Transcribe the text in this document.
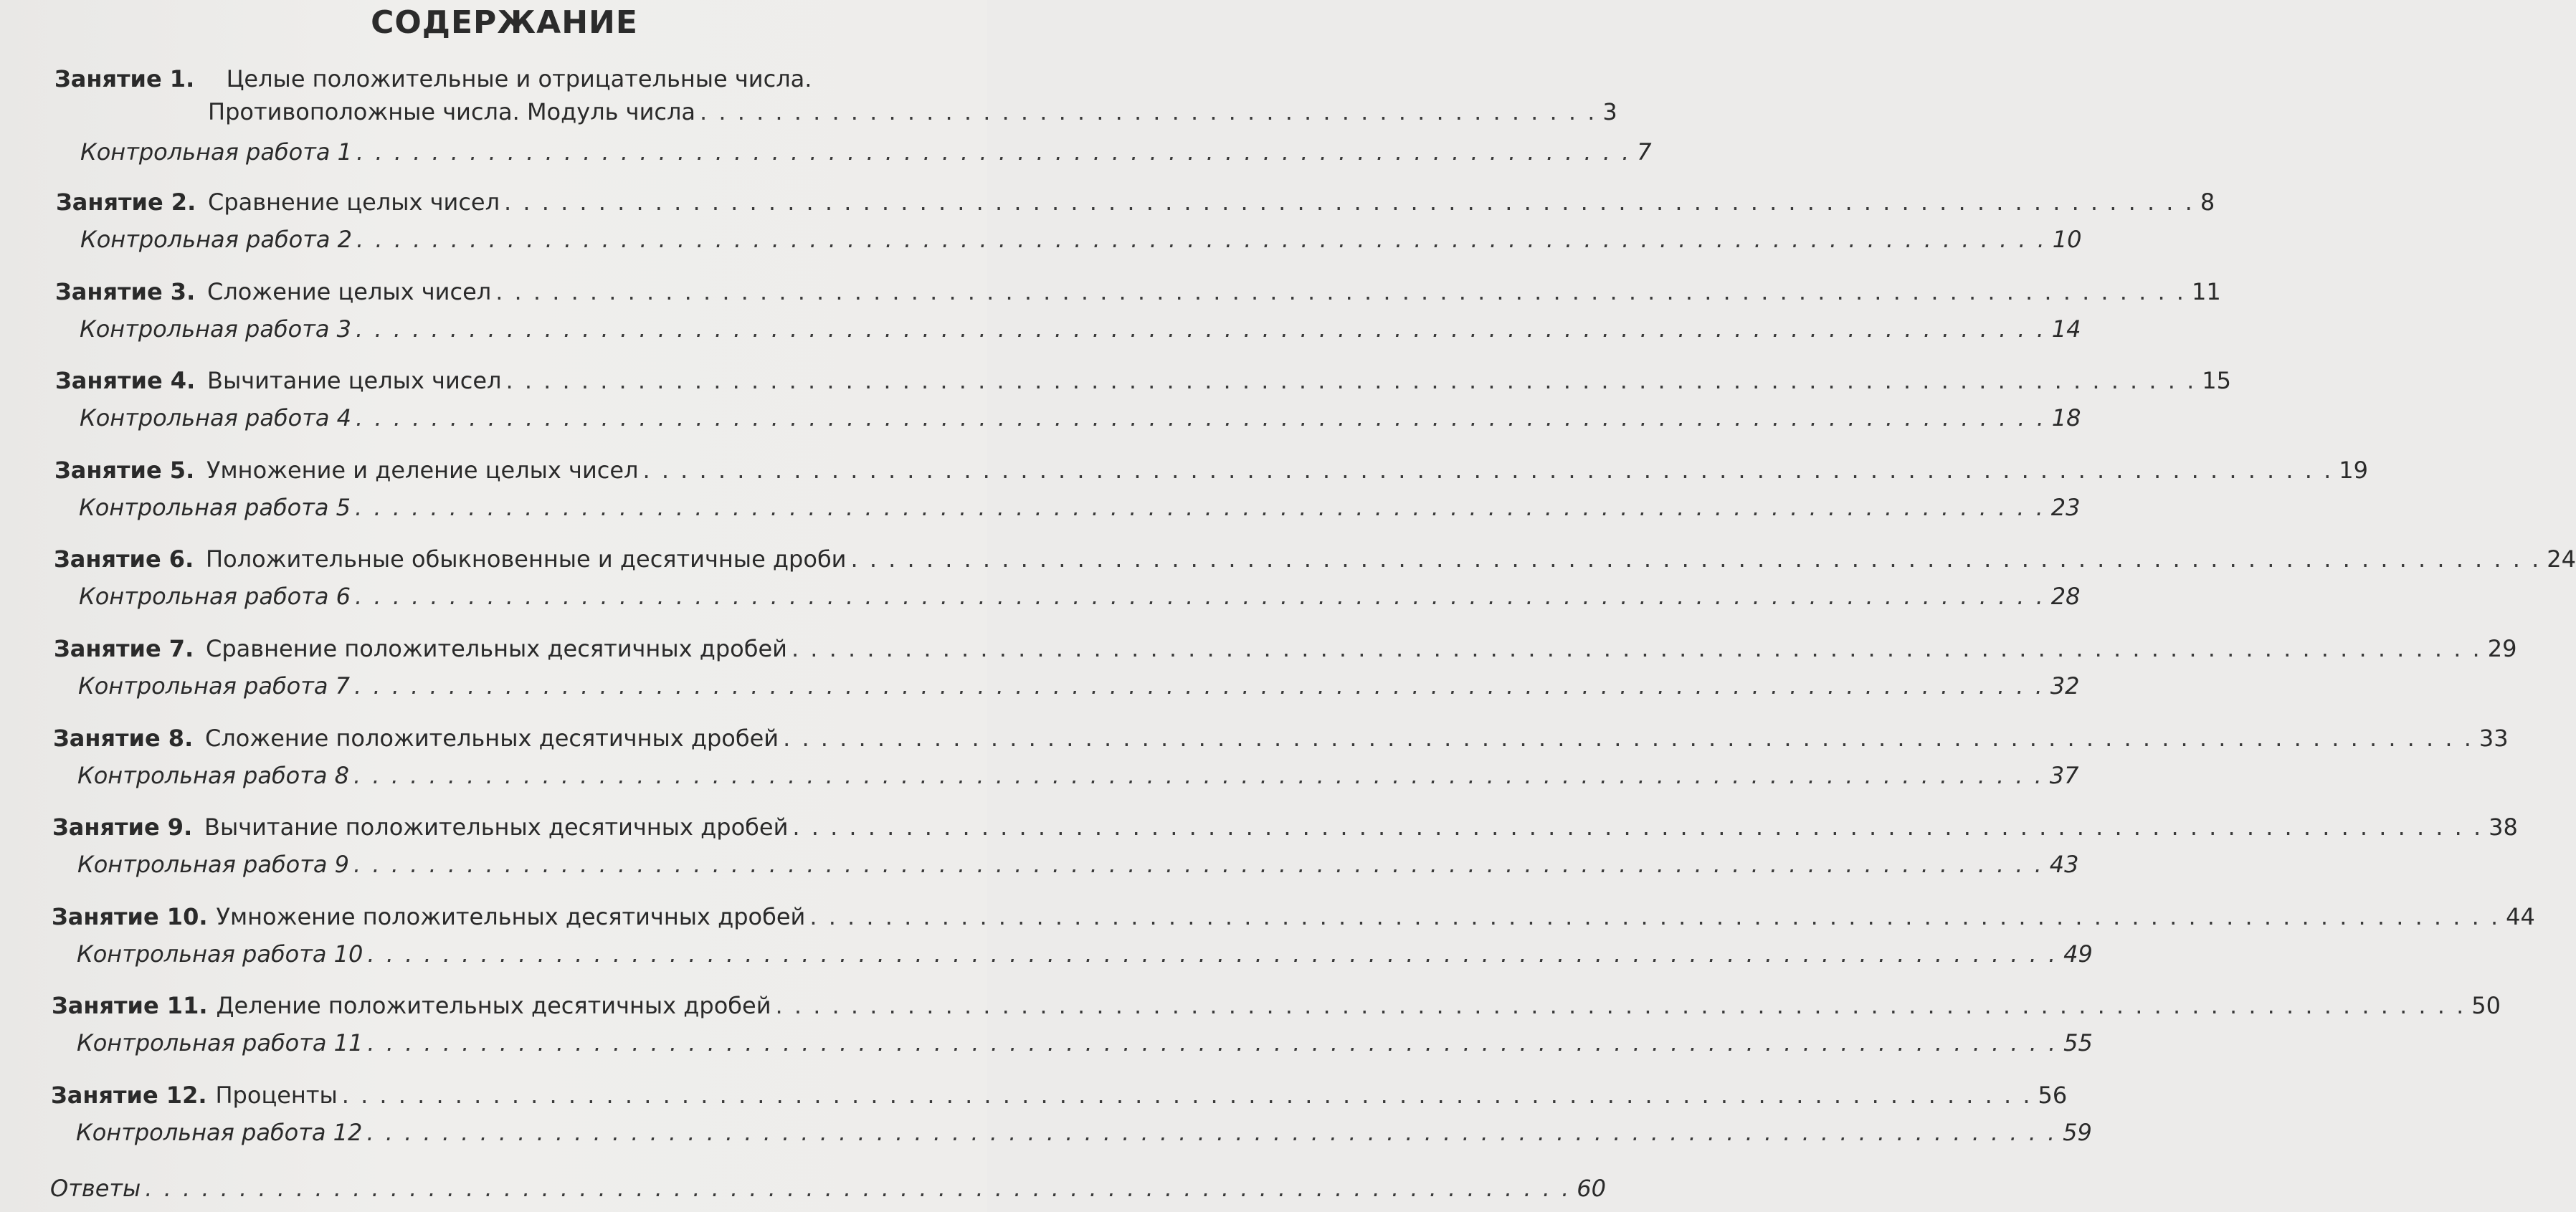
СОДЕРЖАНИЕ
Занятие 1. Целые положительные и отрицательные числа.
Противоположные числа. Модуль числа . . . . . . . . . . . . . . . . . . . . . . . . . . . . . . . . . . . . . . . . . . . . . . . . 3
Контрольная работа 1 . . . . . . . . . . . . . . . . . . . . . . . . . . . . . . . . . . . . . . . . . . . . . . . . . . . . . . . . . . . . . . . . . . . . 7
Занятие 2. Сравнение целых чисел . . . . . . . . . . . . . . . . . . . . . . . . . . . . . . . . . . . . . . . . . . . . . . . . . . . . . . . . . . . . . . . . . . . . . . . . . . . . . . . . . . . . . . . . . . 8
Контрольная работа 2 . . . . . . . . . . . . . . . . . . . . . . . . . . . . . . . . . . . . . . . . . . . . . . . . . . . . . . . . . . . . . . . . . . . . . . . . . . . . . . . . . . . . . . . . . . 10
Занятие 3. Сложение целых чисел . . . . . . . . . . . . . . . . . . . . . . . . . . . . . . . . . . . . . . . . . . . . . . . . . . . . . . . . . . . . . . . . . . . . . . . . . . . . . . . . . . . . . . . . . . 11
Контрольная работа 3 . . . . . . . . . . . . . . . . . . . . . . . . . . . . . . . . . . . . . . . . . . . . . . . . . . . . . . . . . . . . . . . . . . . . . . . . . . . . . . . . . . . . . . . . . . 14
Занятие 4. Вычитание целых чисел . . . . . . . . . . . . . . . . . . . . . . . . . . . . . . . . . . . . . . . . . . . . . . . . . . . . . . . . . . . . . . . . . . . . . . . . . . . . . . . . . . . . . . . . . . 15
Контрольная работа 4 . . . . . . . . . . . . . . . . . . . . . . . . . . . . . . . . . . . . . . . . . . . . . . . . . . . . . . . . . . . . . . . . . . . . . . . . . . . . . . . . . . . . . . . . . . 18
Занятие 5. Умножение и деление целых чисел . . . . . . . . . . . . . . . . . . . . . . . . . . . . . . . . . . . . . . . . . . . . . . . . . . . . . . . . . . . . . . . . . . . . . . . . . . . . . . . . . . . . . . . . . . 19
Контрольная работа 5 . . . . . . . . . . . . . . . . . . . . . . . . . . . . . . . . . . . . . . . . . . . . . . . . . . . . . . . . . . . . . . . . . . . . . . . . . . . . . . . . . . . . . . . . . . 23
Занятие 6. Положительные обыкновенные и десятичные дроби . . . . . . . . . . . . . . . . . . . . . . . . . . . . . . . . . . . . . . . . . . . . . . . . . . . . . . . . . . . . . . . . . . . . . . . . . . . . . . . . . . . . . . . . . . 24
Контрольная работа 6 . . . . . . . . . . . . . . . . . . . . . . . . . . . . . . . . . . . . . . . . . . . . . . . . . . . . . . . . . . . . . . . . . . . . . . . . . . . . . . . . . . . . . . . . . . 28
Занятие 7. Сравнение положительных десятичных дробей . . . . . . . . . . . . . . . . . . . . . . . . . . . . . . . . . . . . . . . . . . . . . . . . . . . . . . . . . . . . . . . . . . . . . . . . . . . . . . . . . . . . . . . . . . 29
Контрольная работа 7 . . . . . . . . . . . . . . . . . . . . . . . . . . . . . . . . . . . . . . . . . . . . . . . . . . . . . . . . . . . . . . . . . . . . . . . . . . . . . . . . . . . . . . . . . . 32
Занятие 8. Сложение положительных десятичных дробей . . . . . . . . . . . . . . . . . . . . . . . . . . . . . . . . . . . . . . . . . . . . . . . . . . . . . . . . . . . . . . . . . . . . . . . . . . . . . . . . . . . . . . . . . . 33
Контрольная работа 8 . . . . . . . . . . . . . . . . . . . . . . . . . . . . . . . . . . . . . . . . . . . . . . . . . . . . . . . . . . . . . . . . . . . . . . . . . . . . . . . . . . . . . . . . . . 37
Занятие 9. Вычитание положительных десятичных дробей . . . . . . . . . . . . . . . . . . . . . . . . . . . . . . . . . . . . . . . . . . . . . . . . . . . . . . . . . . . . . . . . . . . . . . . . . . . . . . . . . . . . . . . . . . 38
Контрольная работа 9 . . . . . . . . . . . . . . . . . . . . . . . . . . . . . . . . . . . . . . . . . . . . . . . . . . . . . . . . . . . . . . . . . . . . . . . . . . . . . . . . . . . . . . . . . . 43
Занятие 10. Умножение положительных десятичных дробей . . . . . . . . . . . . . . . . . . . . . . . . . . . . . . . . . . . . . . . . . . . . . . . . . . . . . . . . . . . . . . . . . . . . . . . . . . . . . . . . . . . . . . . . . . 44
Контрольная работа 10 . . . . . . . . . . . . . . . . . . . . . . . . . . . . . . . . . . . . . . . . . . . . . . . . . . . . . . . . . . . . . . . . . . . . . . . . . . . . . . . . . . . . . . . . . . 49
Занятие 11. Деление положительных десятичных дробей . . . . . . . . . . . . . . . . . . . . . . . . . . . . . . . . . . . . . . . . . . . . . . . . . . . . . . . . . . . . . . . . . . . . . . . . . . . . . . . . . . . . . . . . . . 50
Контрольная работа 11 . . . . . . . . . . . . . . . . . . . . . . . . . . . . . . . . . . . . . . . . . . . . . . . . . . . . . . . . . . . . . . . . . . . . . . . . . . . . . . . . . . . . . . . . . . 55
Занятие 12. Проценты . . . . . . . . . . . . . . . . . . . . . . . . . . . . . . . . . . . . . . . . . . . . . . . . . . . . . . . . . . . . . . . . . . . . . . . . . . . . . . . . . . . . . . . . . . 56
Контрольная работа 12 . . . . . . . . . . . . . . . . . . . . . . . . . . . . . . . . . . . . . . . . . . . . . . . . . . . . . . . . . . . . . . . . . . . . . . . . . . . . . . . . . . . . . . . . . . 59
Ответы . . . . . . . . . . . . . . . . . . . . . . . . . . . . . . . . . . . . . . . . . . . . . . . . . . . . . . . . . . . . . . . . . . . . . . . . . . . . 60
